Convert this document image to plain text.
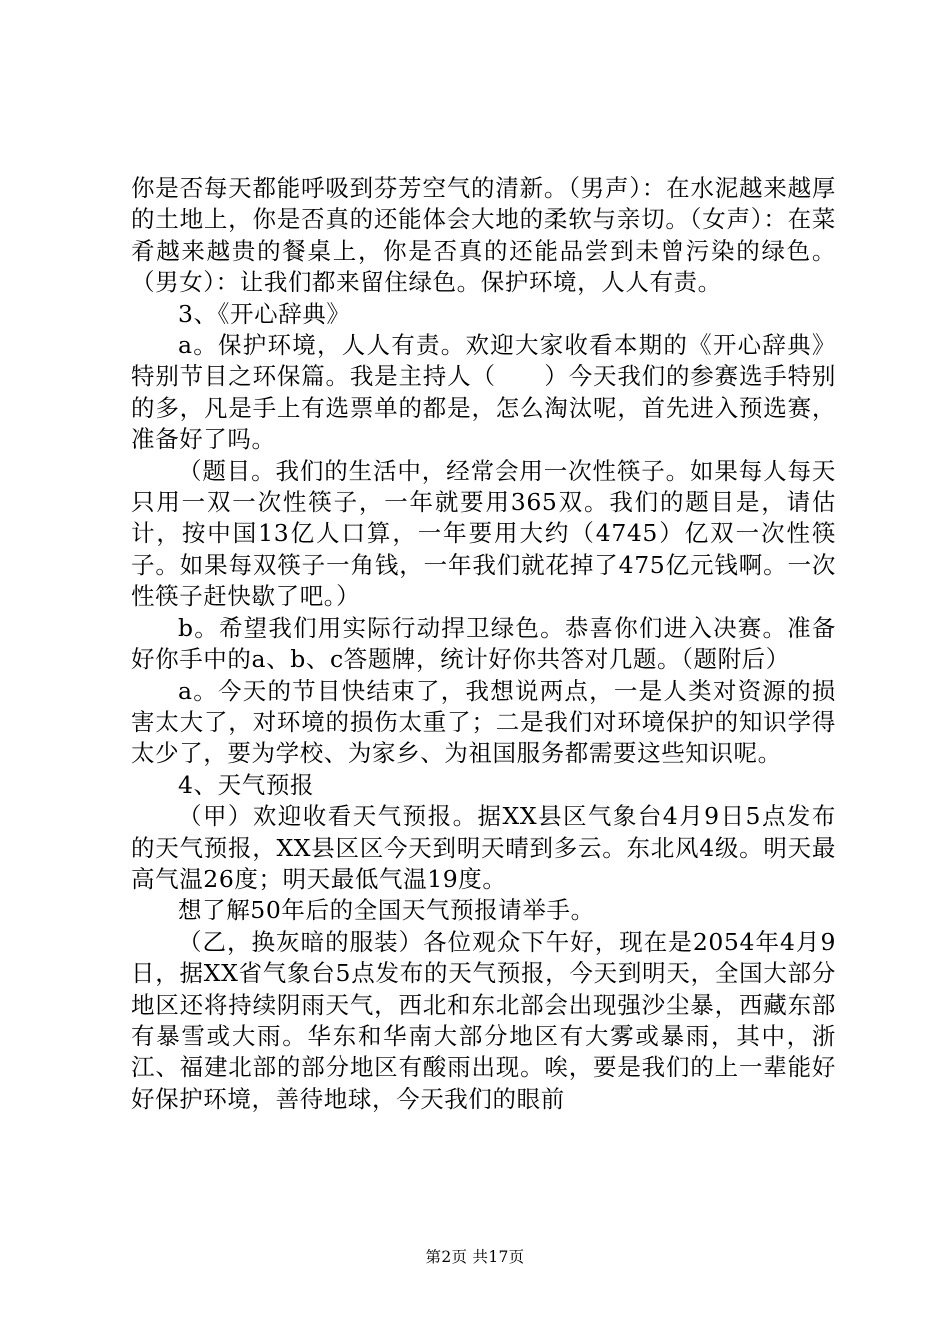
你是否每天都能呼吸到芬芳空气的清新。（男声）：在水泥越来越厚的土地上，你是否真的还能体会大地的柔软与亲切。（女声）：在菜肴越来越贵的餐桌上，你是否真的还能品尝到未曾污染的绿色。（男女）：让我们都来留住绿色。保护环境，人人有责。

3、《开心辞典》

a。保护环境，人人有责。欢迎大家收看本期的《开心辞典》特别节目之环保篇。我是主持人（　　）今天我们的参赛选手特别的多，凡是手上有选票单的都是，怎么淘汰呢，首先进入预选赛，准备好了吗。

（题目。我们的生活中，经常会用一次性筷子。如果每人每天只用一双一次性筷子，一年就要用365双。我们的题目是，请估计，按中国13亿人口算，一年要用大约（4745）亿双一次性筷子。如果每双筷子一角钱，一年我们就花掉了475亿元钱啊。一次性筷子赶快歇了吧。）

b。希望我们用实际行动捍卫绿色。恭喜你们进入决赛。准备好你手中的a、b、c答题牌，统计好你共答对几题。（题附后）

a。今天的节目快结束了，我想说两点，一是人类对资源的损害太大了，对环境的损伤太重了；二是我们对环境保护的知识学得太少了，要为学校、为家乡、为祖国服务都需要这些知识呢。

4、天气预报

（甲）欢迎收看天气预报。据XX县区气象台4月9日5点发布的天气预报，XX县区区今天到明天晴到多云。东北风4级。明天最高气温26度；明天最低气温19度。

想了解50年后的全国天气预报请举手。

（乙，换灰暗的服装）各位观众下午好，现在是2054年4月9日，据XX省气象台5点发布的天气预报，今天到明天，全国大部分地区还将持续阴雨天气，西北和东北部会出现强沙尘暴，西藏东部有暴雪或大雨。华东和华南大部分地区有大雾或暴雨，其中，浙江、福建北部的部分地区有酸雨出现。唉，要是我们的上一辈能好好保护环境，善待地球，今天我们的眼前

第2页 共17页
